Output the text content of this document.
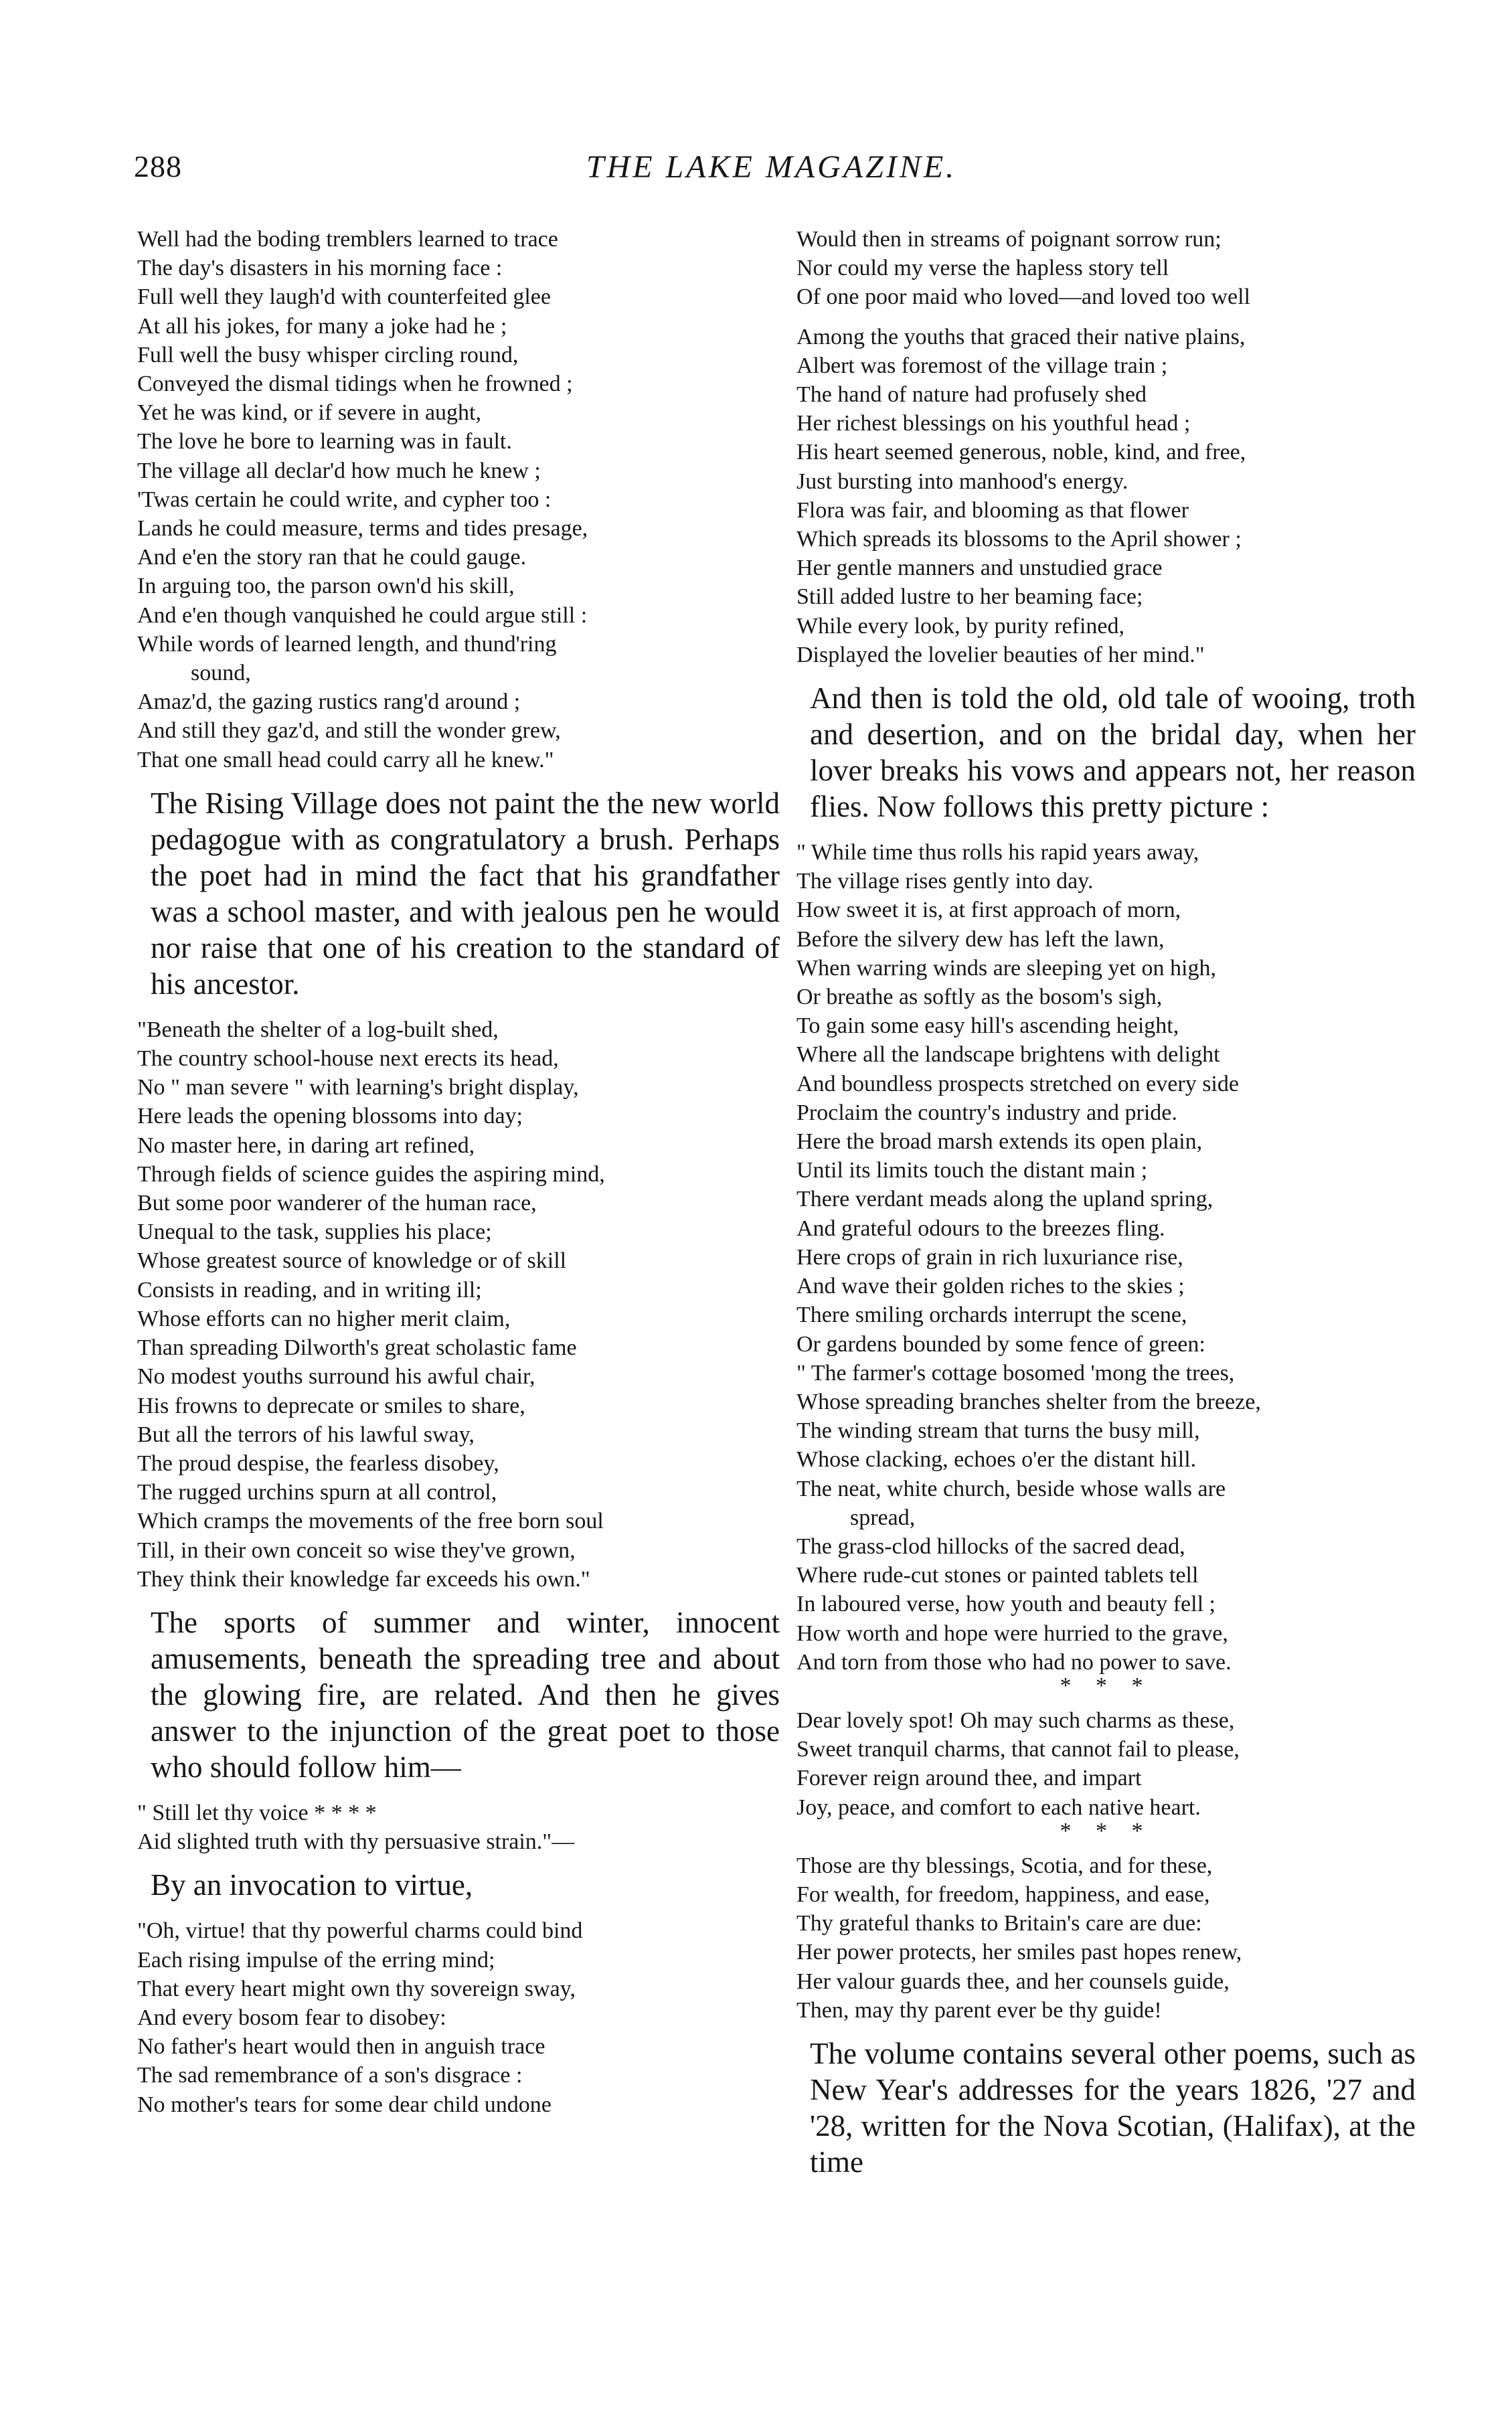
288	THE LAKE MAGAZINE.
Well had the boding tremblers learned to trace
The day's disasters in his morning face :
Full well they laugh'd with counterfeited glee
At all his jokes, for many a joke had he ;
Full well the busy whisper circling round,
Conveyed the dismal tidings when he frowned ;
Yet he was kind, or if severe in aught,
The love he bore to learning was in fault.
The village all declar'd how much he knew ;
'Twas certain he could write, and cypher too :
Lands he could measure, terms and tides presage,
And e'en the story ran that he could gauge.
In arguing too, the parson own'd his skill,
And e'en though vanquished he could argue still :
While words of learned length, and thund'ring
sound,
Amaz'd, the gazing rustics rang'd around ;
And still they gaz'd, and still the wonder grew,
That one small head could carry all he knew."

The Rising Village does not paint the the new world pedagogue with as congratulatory a brush. Perhaps the poet had in mind the fact that his grandfather was a school master, and with jealous pen he would nor raise that one of his creation to the standard of his ancestor.

"Beneath the shelter of a log-built shed,
The country school-house next erects its head,
No " man severe " with learning's bright display,
Here leads the opening blossoms into day;
No master here, in daring art refined,
Through fields of science guides the aspiring mind,
But some poor wanderer of the human race,
Unequal to the task, supplies his place;
Whose greatest source of knowledge or of skill
Consists in reading, and in writing ill;
Whose efforts can no higher merit claim,
Than spreading Dilworth's great scholastic fame
No modest youths surround his awful chair,
His frowns to deprecate or smiles to share,
But all the terrors of his lawful sway,
The proud despise, the fearless disobey,
The rugged urchins spurn at all control,
Which cramps the movements of the free born soul
Till, in their own conceit so wise they've grown,
They think their knowledge far exceeds his own."

The sports of summer and winter, innocent amusements, beneath the spreading tree and about the glowing fire, are related. And then he gives answer to the injunction of the great poet to those who should follow him—

" Still let thy voice * * * *
Aid slighted truth with thy persuasive strain."—

By an invocation to virtue,

"Oh, virtue! that thy powerful charms could bind
Each rising impulse of the erring mind;
That every heart might own thy sovereign sway,
And every bosom fear to disobey:
No father's heart would then in anguish trace
The sad remembrance of a son's disgrace :
No mother's tears for some dear child undone
Would then in streams of poignant sorrow run;
Nor could my verse the hapless story tell
Of one poor maid who loved—and loved too well
Among the youths that graced their native plains,
Albert was foremost of the village train ;
The hand of nature had profusely shed
Her richest blessings on his youthful head ;
His heart seemed generous, noble, kind, and free,
Just bursting into manhood's energy.
Flora was fair, and blooming as that flower
Which spreads its blossoms to the April shower ;
Her gentle manners and unstudied grace
Still added lustre to her beaming face;
While every look, by purity refined,
Displayed the lovelier beauties of her mind."

And then is told the old, old tale of wooing, troth and desertion, and on the bridal day, when her lover breaks his vows and appears not, her reason flies. Now follows this pretty picture :

" While time thus rolls his rapid years away,
The village rises gently into day.
How sweet it is, at first approach of morn,
Before the silvery dew has left the lawn,
When warring winds are sleeping yet on high,
Or breathe as softly as the bosom's sigh,
To gain some easy hill's ascending height,
Where all the landscape brightens with delight
And boundless prospects stretched on every side
Proclaim the country's industry and pride.
Here the broad marsh extends its open plain,
Until its limits touch the distant main ;
There verdant meads along the upland spring,
And grateful odours to the breezes fling.
Here crops of grain in rich luxuriance rise,
And wave their golden riches to the skies ;
There smiling orchards interrupt the scene,
Or gardens bounded by some fence of green:
" The farmer's cottage bosomed 'mong the trees,
Whose spreading branches shelter from the breeze,
The winding stream that turns the busy mill,
Whose clacking, echoes o'er the distant hill.
The neat, white church, beside whose walls are
spread,
The grass-clod hillocks of the sacred dead,
Where rude-cut stones or painted tablets tell
In laboured verse, how youth and beauty fell ;
How worth and hope were hurried to the grave,
And torn from those who had no power to save.
* * *
Dear lovely spot! Oh may such charms as these,
Sweet tranquil charms, that cannot fail to please,
Forever reign around thee, and impart
Joy, peace, and comfort to each native heart.
* * *
Those are thy blessings, Scotia, and for these,
For wealth, for freedom, happiness, and ease,
Thy grateful thanks to Britain's care are due:
Her power protects, her smiles past hopes renew,
Her valour guards thee, and her counsels guide,
Then, may thy parent ever be thy guide!

The volume contains several other poems, such as New Year's addresses for the years 1826, '27 and '28, written for the Nova Scotian, (Halifax), at the time
